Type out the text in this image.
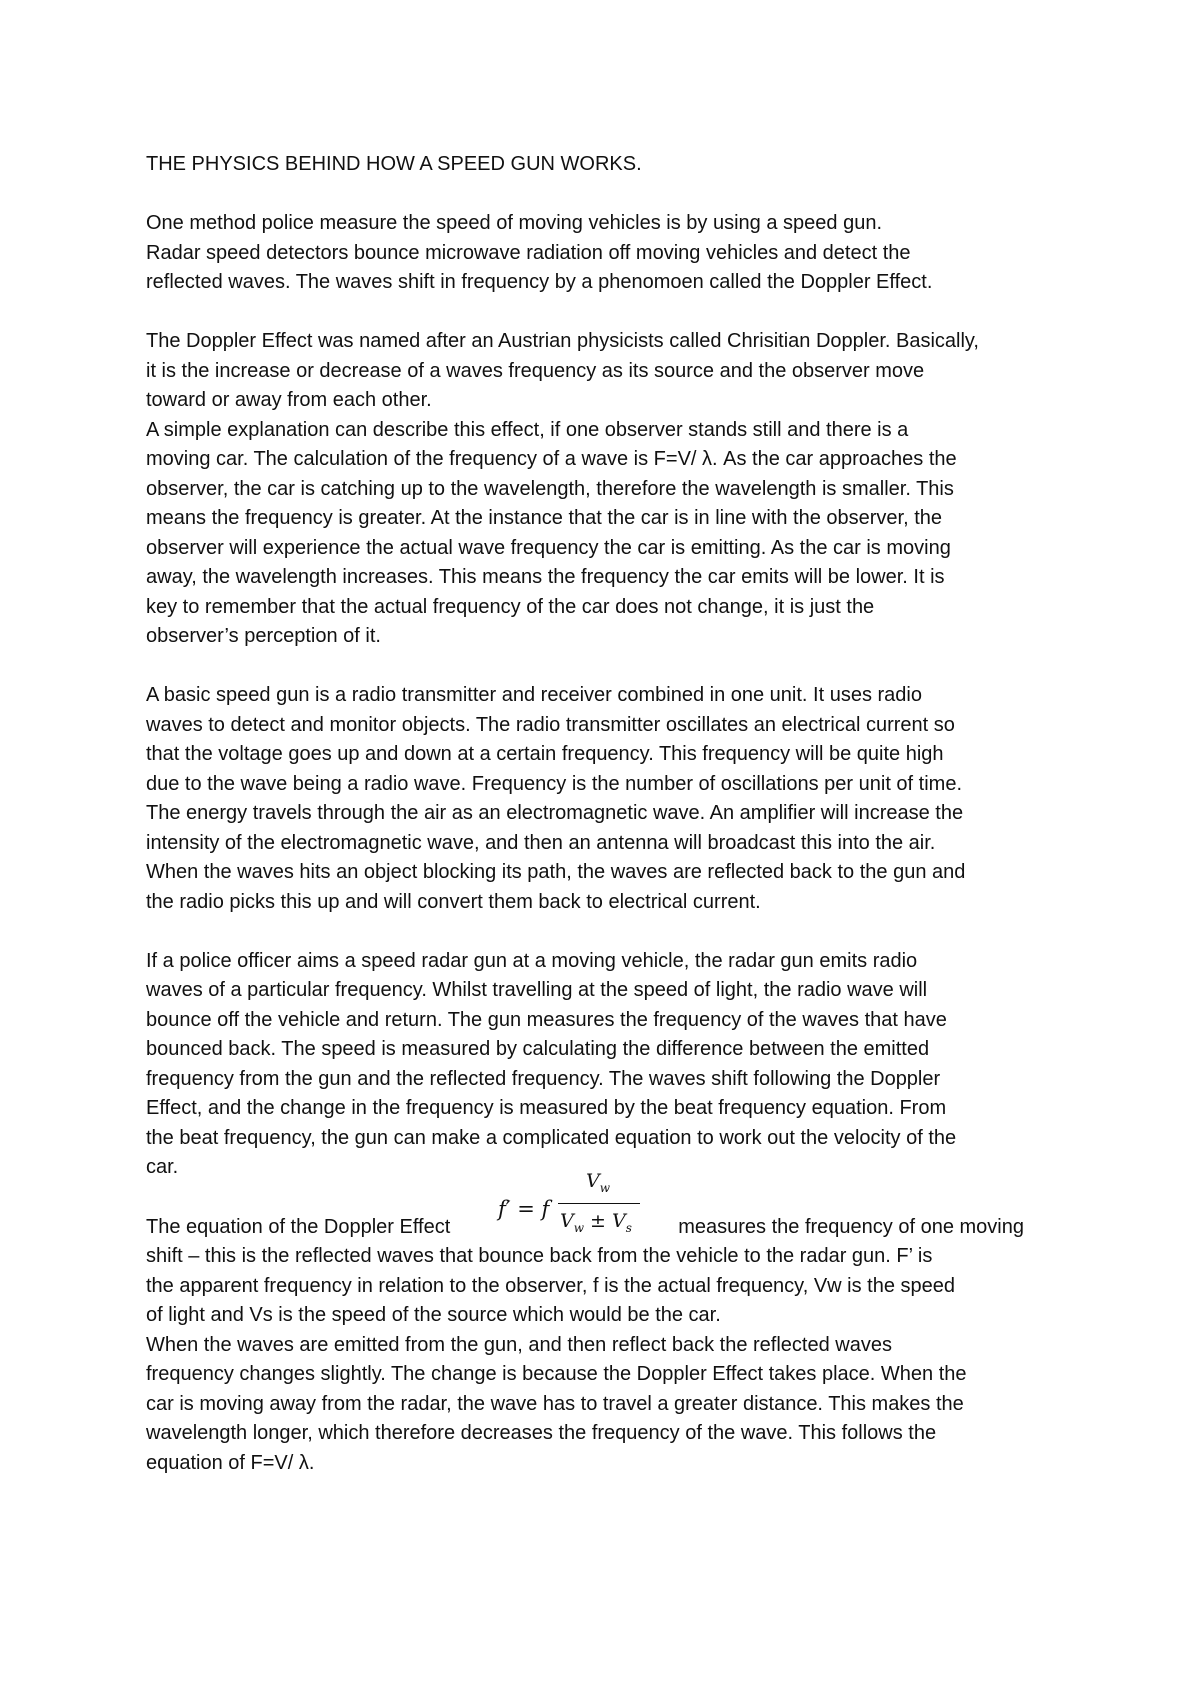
THE PHYSICS BEHIND HOW A SPEED GUN WORKS.

One method police measure the speed of moving vehicles is by using a speed gun.

Radar speed detectors bounce microwave radiation off moving vehicles and detect the

reflected waves. The waves shift in frequency by a phenomoen called the Doppler Effect.

The Doppler Effect was named after an Austrian physicists called Chrisitian Doppler. Basically,

it is the increase or decrease of a waves frequency as its source and the observer move

toward or away from each other.

A simple explanation can describe this effect, if one observer stands still and there is a

moving car. The calculation of the frequency of a wave is F=V/ λ. As the car approaches the

observer, the car is catching up to the wavelength, therefore the wavelength is smaller. This

means the frequency is greater. At the instance that the car is in line with the observer, the

observer will experience the actual wave frequency the car is emitting. As the car is moving

away, the wavelength increases. This means the frequency the car emits will be lower. It is

key to remember that the actual frequency of the car does not change, it is just the

observer’s perception of it.

A basic speed gun is a radio transmitter and receiver combined in one unit. It uses radio

waves to detect and monitor objects. The radio transmitter oscillates an electrical current so

that the voltage goes up and down at a certain frequency. This frequency will be quite high

due to the wave being a radio wave. Frequency is the number of oscillations per unit of time.

The energy travels through the air as an electromagnetic wave. An amplifier will increase the

intensity of the electromagnetic wave, and then an antenna will broadcast this into the air.

When the waves hits an object blocking its path, the waves are reflected back to the gun and

the radio picks this up and will convert them back to electrical current.

If a police officer aims a speed radar gun at a moving vehicle, the radar gun emits radio

waves of a particular frequency. Whilst travelling at the speed of light, the radio wave will

bounce off the vehicle and return. The gun measures the frequency of the waves that have

bounced back. The speed is measured by calculating the difference between the emitted

frequency from the gun and the reflected frequency. The waves shift following the Doppler

Effect, and the change in the frequency is measured by the beat frequency equation. From

the beat frequency, the gun can make a complicated equation to work out the velocity of the

car.

f′ = f
$V_w$
$V_w \pm V_s$
The equation of the Doppler Effect	measures the frequency of one moving

shift – this is the reflected waves that bounce back from the vehicle to the radar gun. F’ is

the apparent frequency in relation to the observer, f is the actual frequency, Vw is the speed

of light and Vs is the speed of the source which would be the car.

When the waves are emitted from the gun, and then reflect back the reflected waves

frequency changes slightly. The change is because the Doppler Effect takes place. When the

car is moving away from the radar, the wave has to travel a greater distance. This makes the

wavelength longer, which therefore decreases the frequency of the wave. This follows the

equation of F=V/ λ.
